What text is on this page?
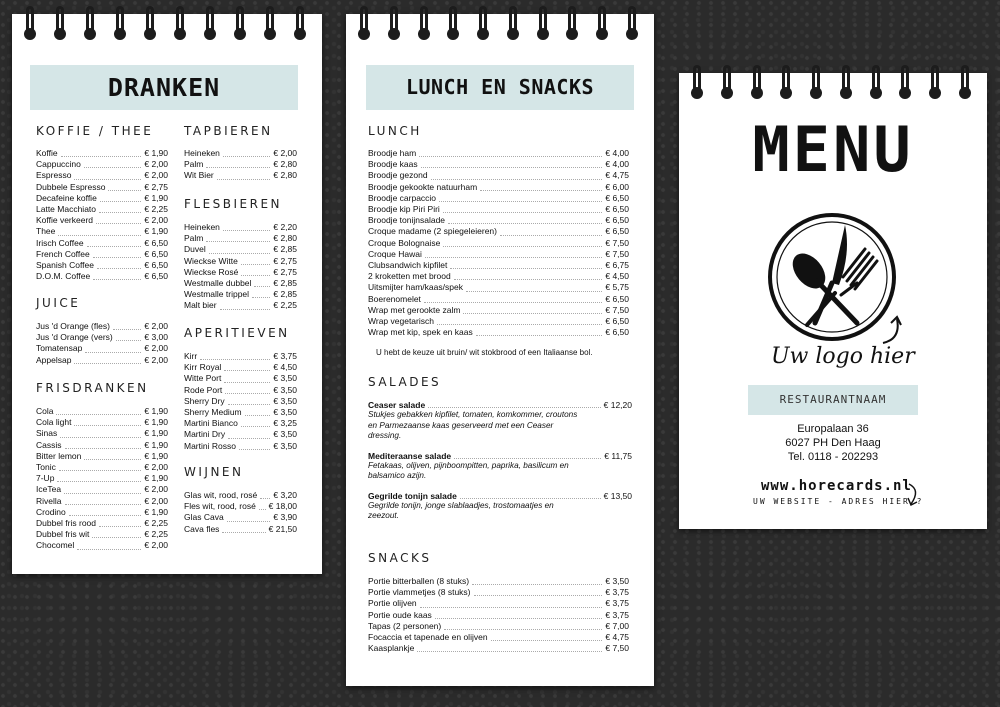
DRANKEN
KOFFIE / THEE
Koffie	€ 1,90
Cappuccino	€ 2,00
Espresso	€ 2,00
Dubbele Espresso	€ 2,75
Decafeine koffie	€ 1,90
Latte Macchiato	€ 2,25
Koffie verkeerd	€ 2,00
Thee	€ 1,90
Irisch Coffee	€ 6,50
French Coffee	€ 6,50
Spanish Coffee	€ 6,50
D.O.M. Coffee	€ 6,50
JUICE
Jus 'd Orange (fles)	€ 2,00
Jus 'd Orange (vers)	€ 3,00
Tomatensap	€ 2,00
Appelsap	€ 2,00
FRISDRANKEN
Cola	€ 1,90
Cola light	€ 1,90
Sinas	€ 1,90
Cassis	€ 1,90
Bitter lemon	€ 1,90
Tonic	€ 2,00
7-Up	€ 1,90
IceTea	€ 2,00
Rivella	€ 2,00
Crodino	€ 1,90
Dubbel fris rood	€ 2,25
Dubbel fris wit	€ 2,25
Chocomel	€ 2,00
TAPBIEREN
Heineken	€ 2,00
Palm	€ 2,80
Wit Bier	€ 2,80
FLESBIEREN
Heineken	€ 2,20
Palm	€ 2,80
Duvel	€ 2,85
Wieckse Witte	€ 2,75
Wieckse Rosé	€ 2,75
Westmalle dubbel	€ 2,85
Westmalle trippel	€ 2,85
Malt bier	€ 2,25
APERITIEVEN
Kirr	€ 3,75
Kirr Royal	€ 4,50
Witte Port	€ 3,50
Rode Port	€ 3,50
Sherry Dry	€ 3,50
Sherry Medium	€ 3,50
Martini Bianco	€ 3,25
Martini Dry	€ 3,50
Martini Rosso	€ 3,50
WIJNEN
Glas wit, rood, rosé € 3,20
Fles wit, rood, rosé € 18,00
Glas Cava	€ 3,90
Cava fles	€ 21,50
LUNCH EN SNACKS
LUNCH
Broodje ham	€ 4,00
Broodje kaas	€ 4,00
Broodje gezond	€ 4,75
Broodje gekookte natuurham	€ 6,00
Broodje carpaccio	€ 6,50
Broodje kip Piri Piri	€ 6,50
Broodje tonijnsalade	€ 6,50
Croque madame (2 spiegeleieren)	€ 6,50
Croque Bolognaise	€ 7,50
Croque Hawai	€ 7,50
Clubsandwich kipfilet	€ 6,75
2 kroketten met brood	€ 4,50
Uitsmijter ham/kaas/spek	€ 5,75
Boerenomelet	€ 6,50
Wrap met gerookte zalm	€ 7,50
Wrap vegetarisch	€ 6,50
Wrap met kip, spek en kaas	€ 6,50
U hebt de keuze uit bruin/ wit stokbrood of een Italiaanse bol.
SALADES
Ceaser salade	€ 12,20
Stukjes gebakken kipfilet, tomaten, komkommer, croutons en Parmezaanse kaas geserveerd met een Ceaser dressing.
Mediteraanse salade	€ 11,75
Fetakaas, olijven, pijnboompitten, paprika, basilicum en balsamico azijn.
Gegrilde tonijn salade	€ 13,50
Gegrilde tonijn, jonge slablaadjes, trostomaatjes en zeezout.
SNACKS
Portie bitterballen (8 stuks)	€ 3,50
Portie vlammetjes (8 stuks)	€ 3,75
Portie olijven	€ 3,75
Portie oude kaas	€ 3,75
Tapas (2 personen)	€ 7,00
Focaccia et tapenade en olijven	€ 4,75
Kaasplankje	€ 7,50
MENU
Uw logo hier
RESTAURANTNAAM
Europalaan 36
6027 PH Den Haag
Tel. 0118 - 202293
www.horecards.nl
UW WEBSITE - ADRES HIER ?
